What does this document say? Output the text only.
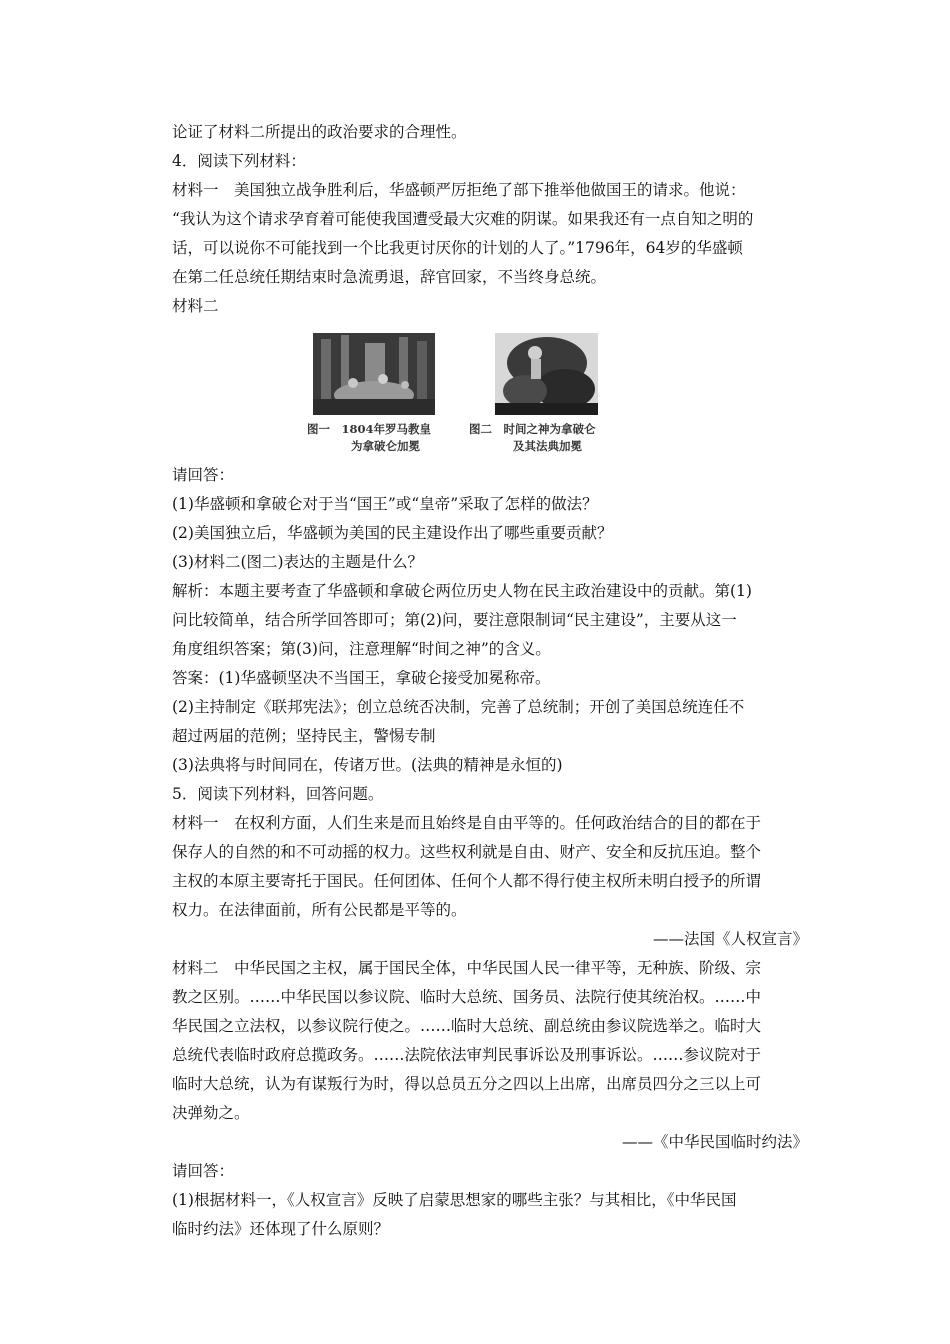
论证了材料二所提出的政治要求的合理性。
4．阅读下列材料：
材料一　美国独立战争胜利后，华盛顿严厉拒绝了部下推举他做国王的请求。他说：
“我认为这个请求孕育着可能使我国遭受最大灾难的阴谋。如果我还有一点自知之明的
话，可以说你不可能找到一个比我更讨厌你的计划的人了。”1796年，64岁的华盛顿
在第二任总统任期结束时急流勇退，辞官回家，不当终身总统。
材料二
图一　1804年罗马教皇
为拿破仑加冕
图二　时间之神为拿破仑
及其法典加冕
请回答：
(1)华盛顿和拿破仑对于当“国王”或“皇帝”采取了怎样的做法？
(2)美国独立后，华盛顿为美国的民主建设作出了哪些重要贡献？
(3)材料二(图二)表达的主题是什么？
解析：本题主要考查了华盛顿和拿破仑两位历史人物在民主政治建设中的贡献。第(1)
问比较简单，结合所学回答即可；第(2)问，要注意限制词“民主建设”，主要从这一
角度组织答案；第(3)问，注意理解“时间之神”的含义。
答案：(1)华盛顿坚决不当国王，拿破仑接受加冕称帝。
(2)主持制定《联邦宪法》；创立总统否决制，完善了总统制；开创了美国总统连任不
超过两届的范例；坚持民主，警惕专制
(3)法典将与时间同在，传诸万世。(法典的精神是永恒的)
5．阅读下列材料，回答问题。
材料一　在权利方面，人们生来是而且始终是自由平等的。任何政治结合的目的都在于
保存人的自然的和不可动摇的权力。这些权利就是自由、财产、安全和反抗压迫。整个
主权的本原主要寄托于国民。任何团体、任何个人都不得行使主权所未明白授予的所谓
权力。在法律面前，所有公民都是平等的。
——法国《人权宣言》
材料二　中华民国之主权，属于国民全体，中华民国人民一律平等，无种族、阶级、宗
教之区别。……中华民国以参议院、临时大总统、国务员、法院行使其统治权。……中
华民国之立法权，以参议院行使之。……临时大总统、副总统由参议院选举之。临时大
总统代表临时政府总揽政务。……法院依法审判民事诉讼及刑事诉讼。……参议院对于
临时大总统，认为有谋叛行为时，得以总员五分之四以上出席，出席员四分之三以上可
决弹劾之。
——《中华民国临时约法》
请回答：
(1)根据材料一，《人权宣言》反映了启蒙思想家的哪些主张？与其相比，《中华民国
临时约法》还体现了什么原则？
